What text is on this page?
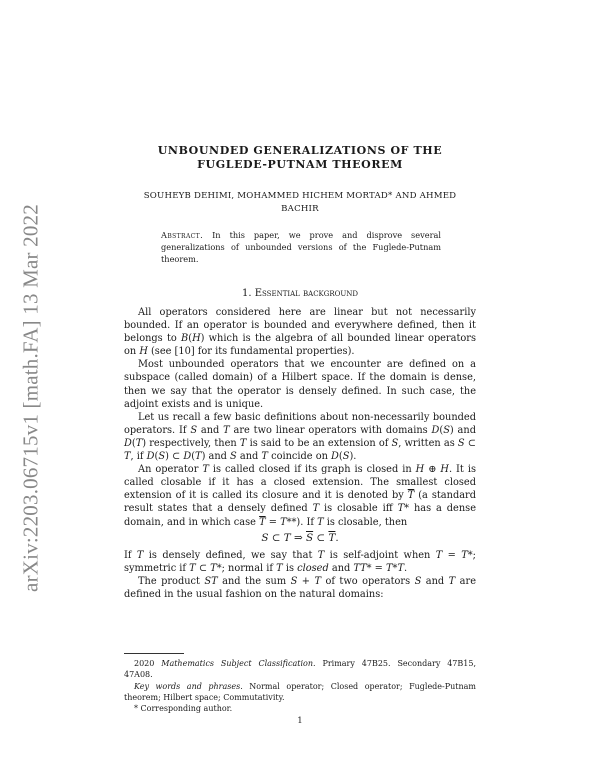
arXiv:2203.06715v1 [math.FA] 13 Mar 2022
UNBOUNDED GENERALIZATIONS OF THE
FUGLEDE-PUTNAM THEOREM
SOUHEYB DEHIMI, MOHAMMED HICHEM MORTAD* AND AHMED
BACHIR
Abstract. In this paper, we prove and disprove several generalizations of unbounded versions of the Fuglede-Putnam theorem.
1. Essential background

All operators considered here are linear but not necessarily bounded. If an operator is bounded and everywhere defined, then it belongs to B(H) which is the algebra of all bounded linear operators on H (see [10] for its fundamental properties).

Most unbounded operators that we encounter are defined on a subspace (called domain) of a Hilbert space. If the domain is dense, then we say that the operator is densely defined. In such case, the adjoint exists and is unique.

Let us recall a few basic definitions about non-necessarily bounded operators. If S and T are two linear operators with domains D(S) and D(T) respectively, then T is said to be an extension of S, written as S ⊂ T, if D(S) ⊂ D(T) and S and T coincide on D(S).

An operator T is called closed if its graph is closed in H ⊕ H. It is called closable if it has a closed extension. The smallest closed extension of it is called its closure and it is denoted by $\overline{T}$ (a standard result states that a densely defined T is closable iff T* has a dense domain, and in which case $\overline{T} = T**$). If T is closable, then

S ⊂ T ⇒ $\overline{S}$ ⊂ $\overline{T}$.

If T is densely defined, we say that T is self-adjoint when T = T*; symmetric if T ⊂ T*; normal if T is closed and TT* = T*T.

The product ST and the sum S + T of two operators S and T are defined in the usual fashion on the natural domains:

2020 Mathematics Subject Classification. Primary 47B25. Secondary 47B15, 47A08.

Key words and phrases. Normal operator; Closed operator; Fuglede-Putnam theorem; Hilbert space; Commutativity.

* Corresponding author.

1
